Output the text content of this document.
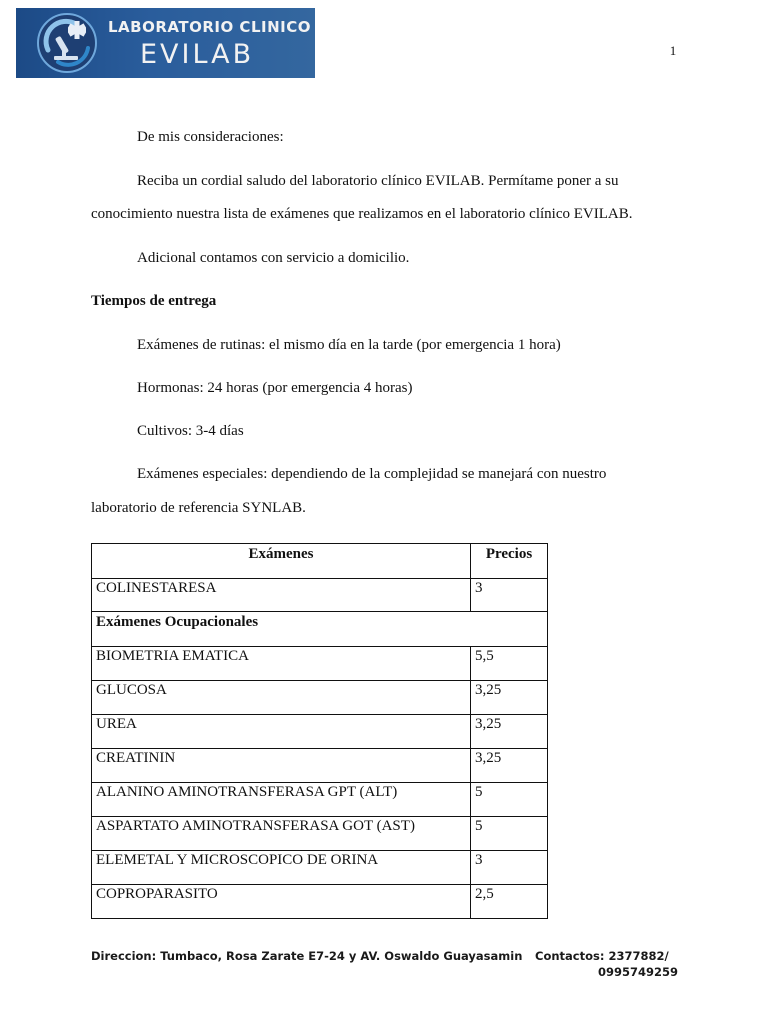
LABORATORIO CLINICO
EVILAB	1
De mis consideraciones:
Reciba un cordial saludo del laboratorio clínico EVILAB. Permítame poner a su
conocimiento nuestra lista de exámenes que realizamos en el laboratorio clínico EVILAB.
Adicional contamos con servicio a domicilio.
Tiempos de entrega
Exámenes de rutinas: el mismo día en la tarde (por emergencia 1 hora)
Hormonas: 24 horas (por emergencia 4 horas)
Cultivos: 3-4 días
Exámenes especiales: dependiendo de la complejidad se manejará con nuestro
laboratorio de referencia SYNLAB.
Exámenes	Precios
COLINESTARESA	3
Exámenes Ocupacionales	
BIOMETRIA EMATICA	5,5
GLUCOSA	3,25
UREA	3,25
CREATININ	3,25
ALANINO AMINOTRANSFERASA GPT (ALT)	5
ASPARTATO AMINOTRANSFERASA GOT (AST)	5
ELEMETAL Y MICROSCOPICO DE ORINA	3
COPROPARASITO	2,5
Direccion: Tumbaco, Rosa Zarate E7-24 y AV. Oswaldo Guayasamin Contactos: 2377882/
0995749259
